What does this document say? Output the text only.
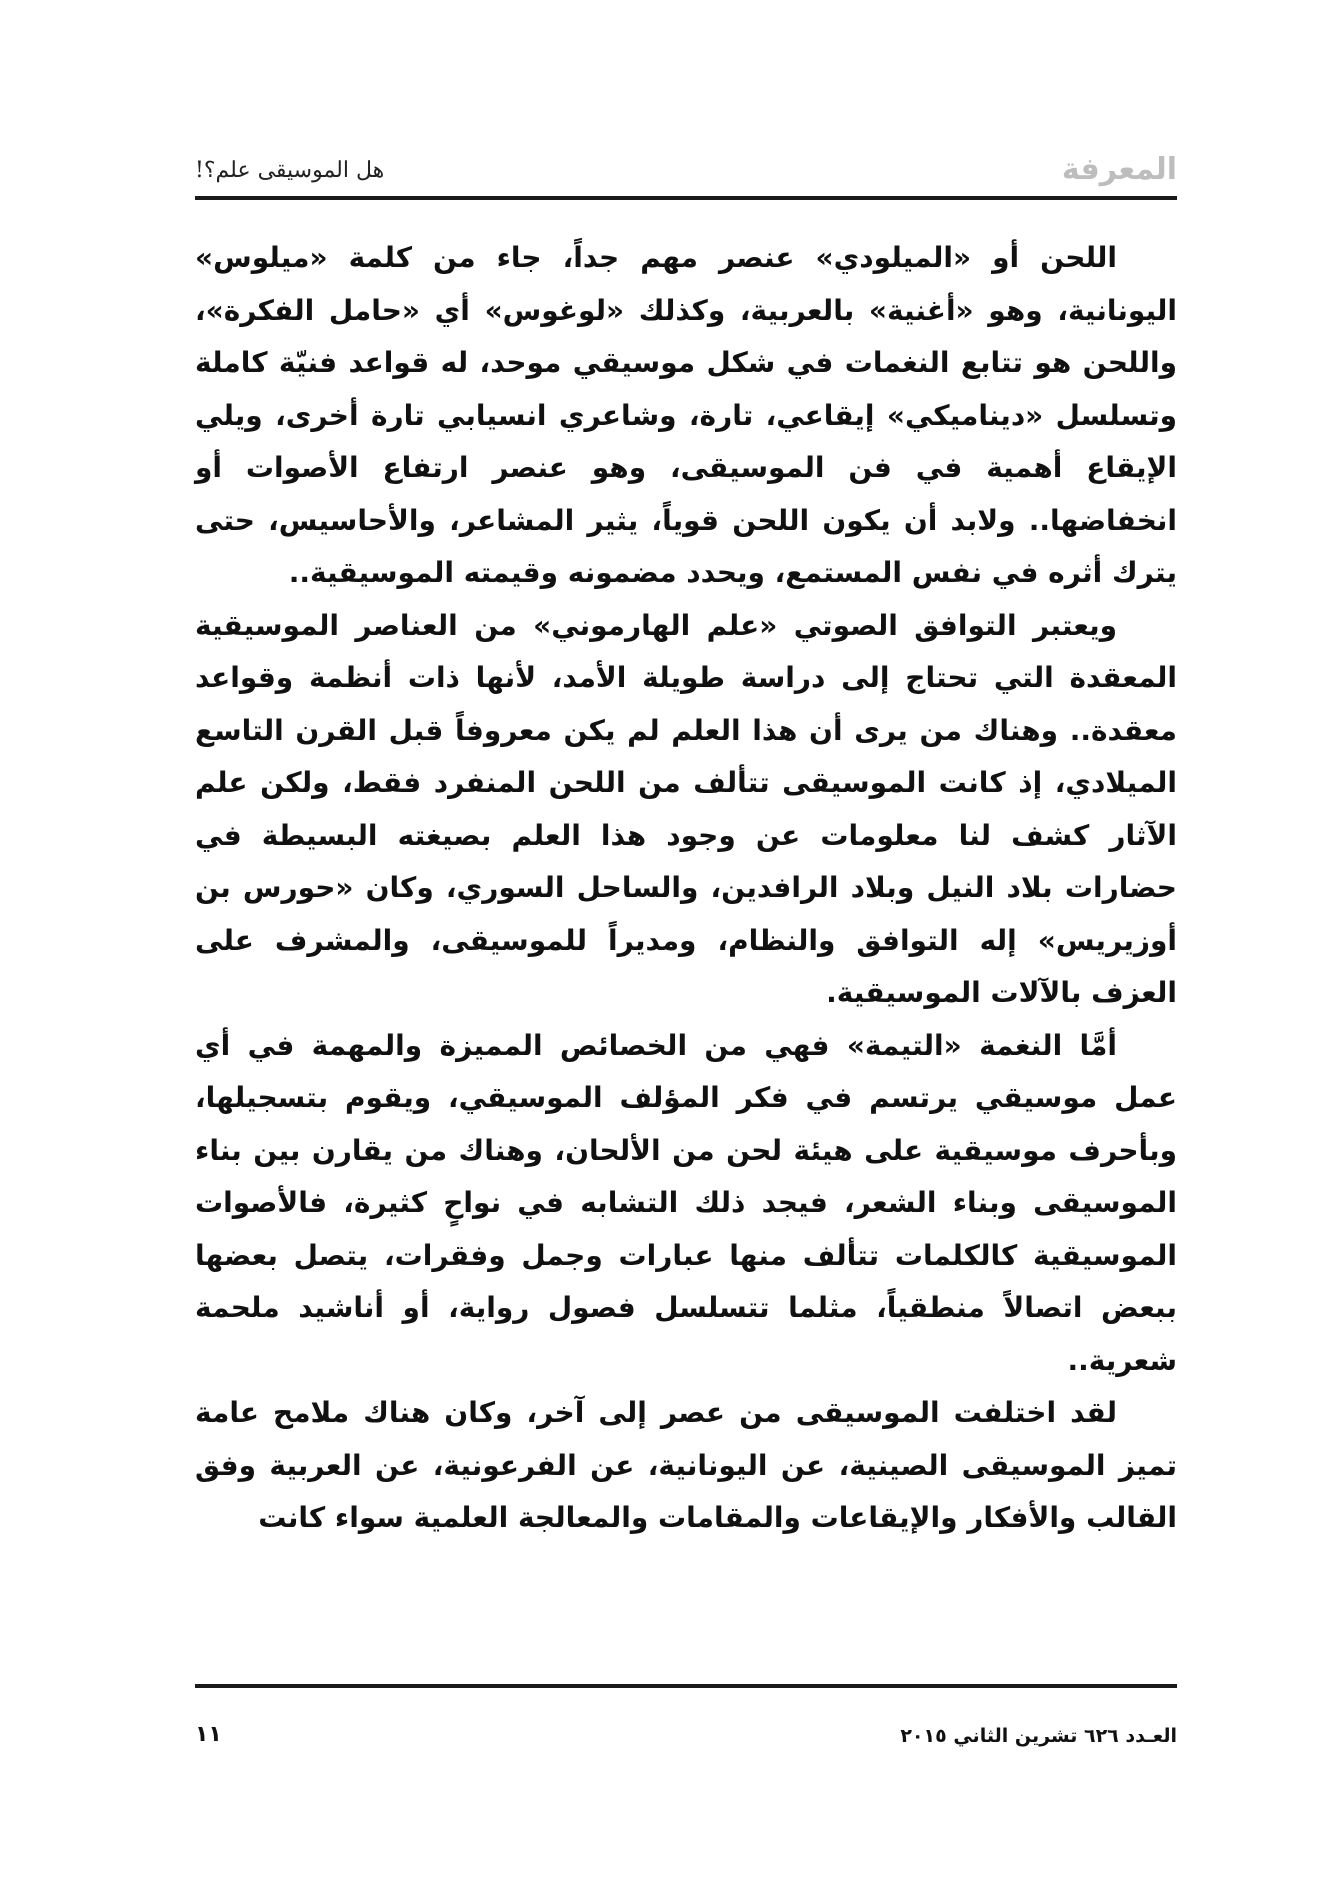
المعرفة
هل الموسيقى علم؟!

اللحن أو «الميلودي» عنصر مهم جداً، جاء من كلمة «ميلوس» اليونانية، وهو «أغنية» بالعربية، وكذلك «لوغوس» أي «حامل الفكرة»، واللحن هو تتابع النغمات في شكل موسيقي موحد، له قواعد فنيّة كاملة وتسلسل «ديناميكي» إيقاعي، تارة، وشاعري انسيابي تارة أخرى، ويلي الإيقاع أهمية في فن الموسيقى، وهو عنصر ارتفاع الأصوات أو انخفاضها.. ولابد أن يكون اللحن قوياً، يثير المشاعر، والأحاسيس، حتى يترك أثره في نفس المستمع، ويحدد مضمونه وقيمته الموسيقية..

ويعتبر التوافق الصوتي «علم الهارموني» من العناصر الموسيقية المعقدة التي تحتاج إلى دراسة طويلة الأمد، لأنها ذات أنظمة وقواعد معقدة.. وهناك من يرى أن هذا العلم لم يكن معروفاً قبل القرن التاسع الميلادي، إذ كانت الموسيقى تتألف من اللحن المنفرد فقط، ولكن علم الآثار كشف لنا معلومات عن وجود هذا العلم بصيغته البسيطة في حضارات بلاد النيل وبلاد الرافدين، والساحل السوري، وكان «حورس بن أوزيريس» إله التوافق والنظام، ومديراً للموسيقى، والمشرف على العزف بالآلات الموسيقية.

أمَّا النغمة «التيمة» فهي من الخصائص المميزة والمهمة في أي عمل موسيقي يرتسم في فكر المؤلف الموسيقي، ويقوم بتسجيلها، وبأحرف موسيقية على هيئة لحن من الألحان، وهناك من يقارن بين بناء الموسيقى وبناء الشعر، فيجد ذلك التشابه في نواحٍ كثيرة، فالأصوات الموسيقية كالكلمات تتألف منها عبارات وجمل وفقرات، يتصل بعضها ببعض اتصالاً منطقياً، مثلما تتسلسل فصول رواية، أو أناشيد ملحمة شعرية..

لقد اختلفت الموسيقى من عصر إلى آخر، وكان هناك ملامح عامة تميز الموسيقى الصينية، عن اليونانية، عن الفرعونية، عن العربية وفق القالب والأفكار والإيقاعات والمقامات والمعالجة العلمية سواء كانت

العـدد ٦٢٦ تشرين الثاني ٢٠١٥
١١
